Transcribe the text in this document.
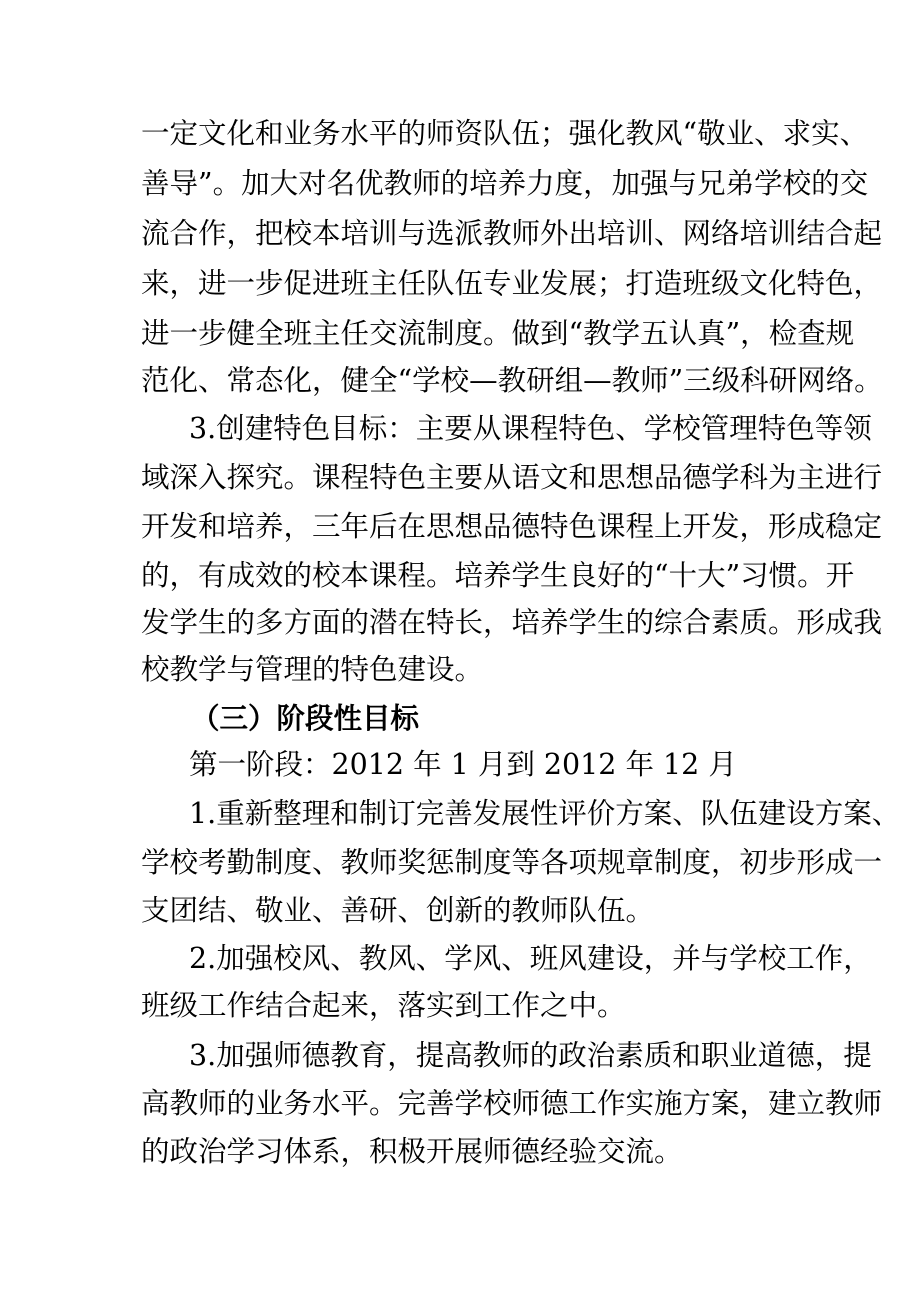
一定文化和业务水平的师资队伍；强化教风“敬业、求实、
善导”。加大对名优教师的培养力度，加强与兄弟学校的交
流合作，把校本培训与选派教师外出培训、网络培训结合起
来，进一步促进班主任队伍专业发展；打造班级文化特色，
进一步健全班主任交流制度。做到“教学五认真”，检查规
范化、常态化，健全“学校—教研组—教师”三级科研网络。
3.创建特色目标：主要从课程特色、学校管理特色等领
域深入探究。课程特色主要从语文和思想品德学科为主进行
开发和培养，三年后在思想品德特色课程上开发，形成稳定
的，有成效的校本课程。培养学生良好的“十大”习惯。开
发学生的多方面的潜在特长，培养学生的综合素质。形成我
校教学与管理的特色建设。
（三）阶段性目标
第一阶段：2012 年 1 月到 2012 年 12 月
1.重新整理和制订完善发展性评价方案、队伍建设方案、
学校考勤制度、教师奖惩制度等各项规章制度，初步形成一
支团结、敬业、善研、创新的教师队伍。
2.加强校风、教风、学风、班风建设，并与学校工作，
班级工作结合起来，落实到工作之中。
3.加强师德教育，提高教师的政治素质和职业道德，提
高教师的业务水平。完善学校师德工作实施方案，建立教师
的政治学习体系，积极开展师德经验交流。
